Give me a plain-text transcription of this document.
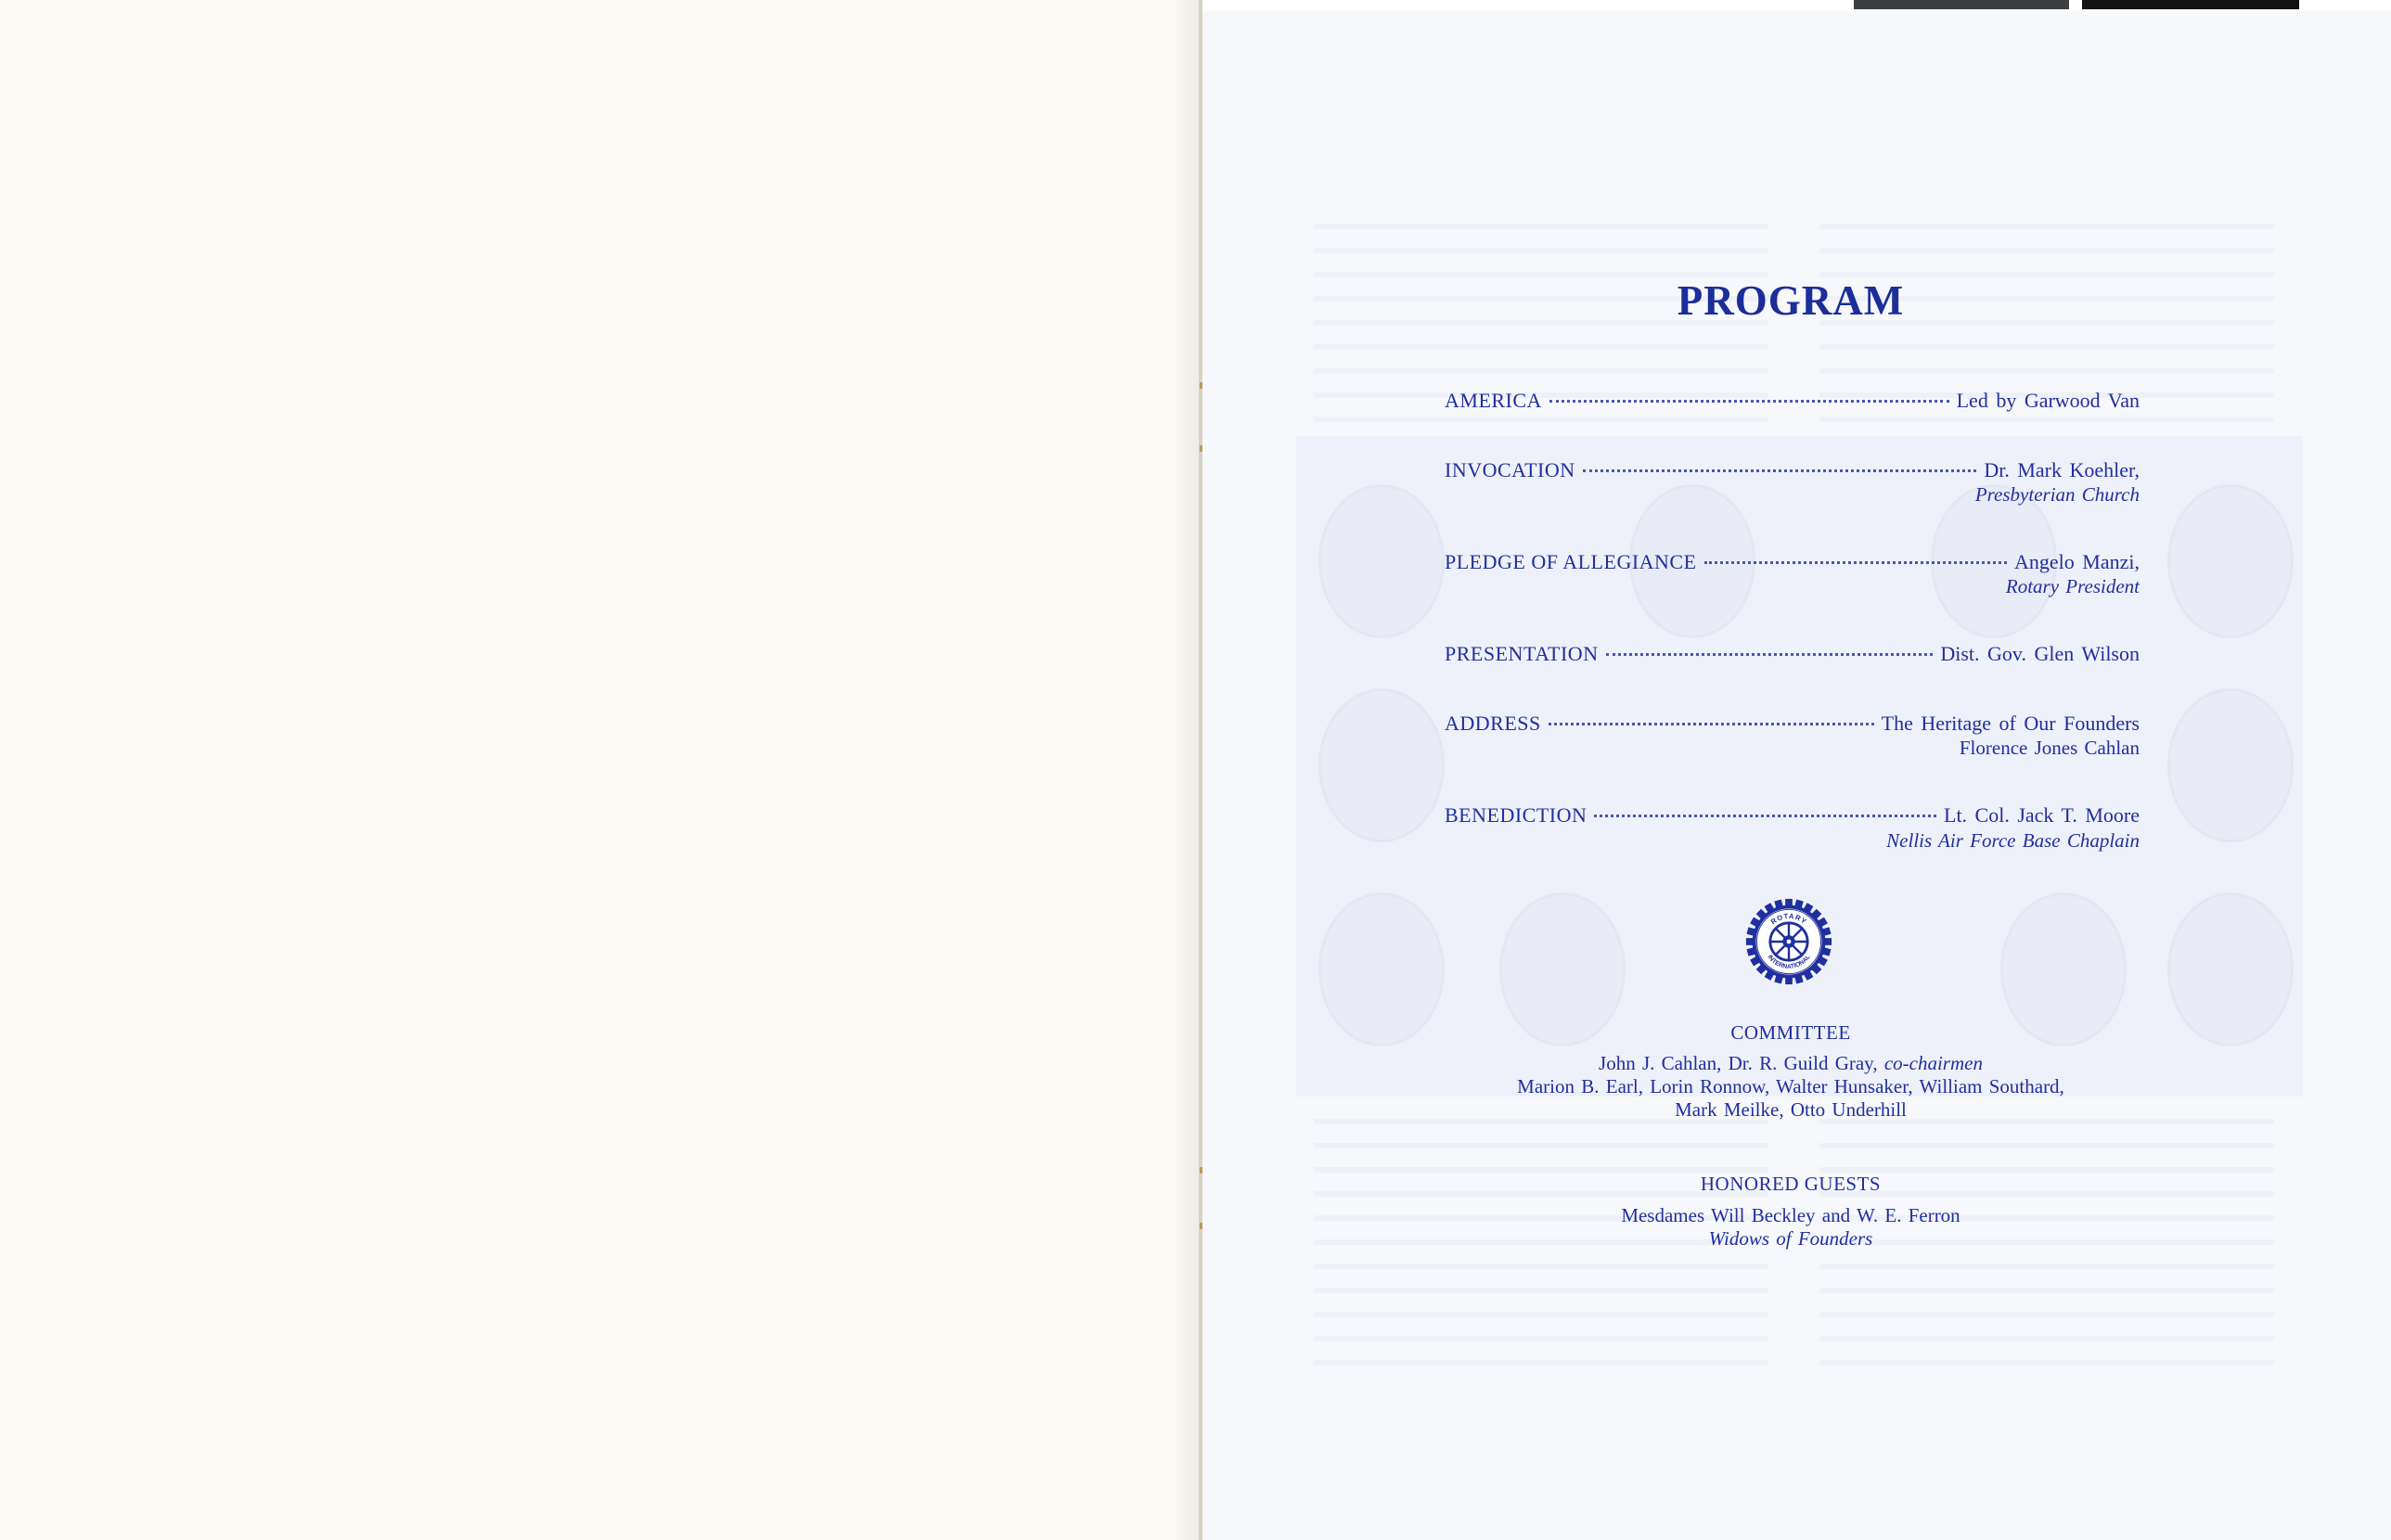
PROGRAM
AMERICA	Led by Garwood Van
INVOCATION	Dr. Mark Koehler,
Presbyterian Church
PLEDGE OF ALLEGIANCE	Angelo Manzi,
Rotary President
PRESENTATION	Dist. Gov. Glen Wilson
ADDRESS	The Heritage of Our Founders
Florence Jones Cahlan
BENEDICTION	Lt. Col. Jack T. Moore
Nellis Air Force Base Chaplain
ROTARY
INTERNATIONAL
COMMITTEE
John J. Cahlan, Dr. R. Guild Gray, co-chairmen
Marion B. Earl, Lorin Ronnow, Walter Hunsaker, William Southard,
Mark Meilke, Otto Underhill
HONORED GUESTS
Mesdames Will Beckley and W. E. Ferron
Widows of Founders
